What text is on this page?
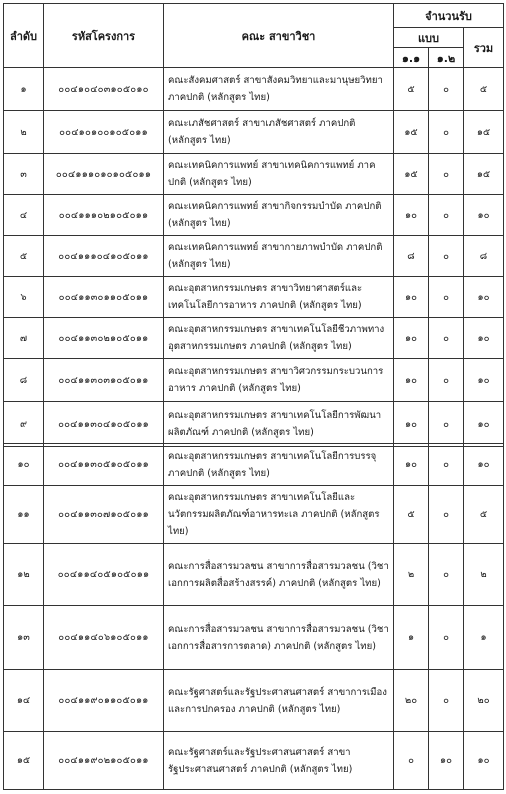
ลำดับ	รหัสโครงการ	คณะ สาขาวิชา	จำนวนรับ		
			แบบ		รวม
			๑.๑	๑.๒	
๑	๐๐๔๑๐๔๐๓๑๐๕๐๑๐	คณะสังคมศาสตร์ สาขาสังคมวิทยาและมานุษยวิทยา ภาคปกติ (หลักสูตร ไทย)	๕	๐	๕
๒	๐๐๔๑๐๑๐๐๑๐๕๐๑๑	คณะเภสัชศาสตร์ สาขาเภสัชศาสตร์ ภาคปกติ (หลักสูตร ไทย)	๑๕	๐	๑๕
๓	๐๐๔๑๑๑๐๑๐๑๐๕๐๑๑	คณะเทคนิคการแพทย์ สาขาเทคนิคการแพทย์ ภาคปกติ (หลักสูตร ไทย)	๑๕	๐	๑๕
๔	๐๐๔๑๑๑๐๒๑๐๕๐๑๑	คณะเทคนิคการแพทย์ สาขากิจกรรมบำบัด ภาคปกติ (หลักสูตร ไทย)	๑๐	๐	๑๐
๕	๐๐๔๑๑๑๐๔๑๐๕๐๑๑	คณะเทคนิคการแพทย์ สาขากายภาพบำบัด ภาคปกติ (หลักสูตร ไทย)	๘	๐	๘
๖	๐๐๔๑๑๓๐๑๑๐๕๐๑๑	คณะอุตสาหกรรมเกษตร สาขาวิทยาศาสตร์และเทคโนโลยีการอาหาร ภาคปกติ (หลักสูตร ไทย)	๑๐	๐	๑๐
๗	๐๐๔๑๑๓๐๒๑๐๕๐๑๑	คณะอุตสาหกรรมเกษตร สาขาเทคโนโลยีชีวภาพทางอุตสาหกรรมเกษตร ภาคปกติ (หลักสูตร ไทย)	๑๐	๐	๑๐
๘	๐๐๔๑๑๓๐๓๑๐๕๐๑๑	คณะอุตสาหกรรมเกษตร สาขาวิศวกรรมกระบวนการอาหาร ภาคปกติ (หลักสูตร ไทย)	๑๐	๐	๑๐
๙	๐๐๔๑๑๓๐๔๑๐๕๐๑๑	คณะอุตสาหกรรมเกษตร สาขาเทคโนโลยีการพัฒนาผลิตภัณฑ์ ภาคปกติ (หลักสูตร ไทย)	๑๐	๐	๑๐
๑๐	๐๐๔๑๑๓๐๕๑๐๕๐๑๑	คณะอุตสาหกรรมเกษตร สาขาเทคโนโลยีการบรรจุ ภาคปกติ (หลักสูตร ไทย)	๑๐	๐	๑๐
๑๑	๐๐๔๑๑๓๐๗๑๐๕๐๑๑	คณะอุตสาหกรรมเกษตร สาขาเทคโนโลยีและนวัตกรรมผลิตภัณฑ์อาหารทะเล ภาคปกติ (หลักสูตร ไทย)	๕	๐	๕
๑๒	๐๐๔๑๑๔๐๕๑๐๕๐๑๑	คณะการสื่อสารมวลชน สาขาการสื่อสารมวลชน (วิชาเอกการผลิตสื่อสร้างสรรค์) ภาคปกติ (หลักสูตร ไทย)	๒	๐	๒
๑๓	๐๐๔๑๑๔๐๖๑๐๕๐๑๑	คณะการสื่อสารมวลชน สาขาการสื่อสารมวลชน (วิชาเอกการสื่อสารการตลาด) ภาคปกติ (หลักสูตร ไทย)	๑	๐	๑
๑๔	๐๐๔๑๑๙๐๑๑๐๕๐๑๑	คณะรัฐศาสตร์และรัฐประศาสนศาสตร์ สาขาการเมืองและการปกครอง ภาคปกติ (หลักสูตร ไทย)	๒๐	๐	๒๐
๑๕	๐๐๔๑๑๙๐๒๑๐๕๐๑๑	คณะรัฐศาสตร์และรัฐประศาสนศาสตร์ สาขารัฐประศาสนศาสตร์ ภาคปกติ (หลักสูตร ไทย)	๐	๑๐	๑๐
